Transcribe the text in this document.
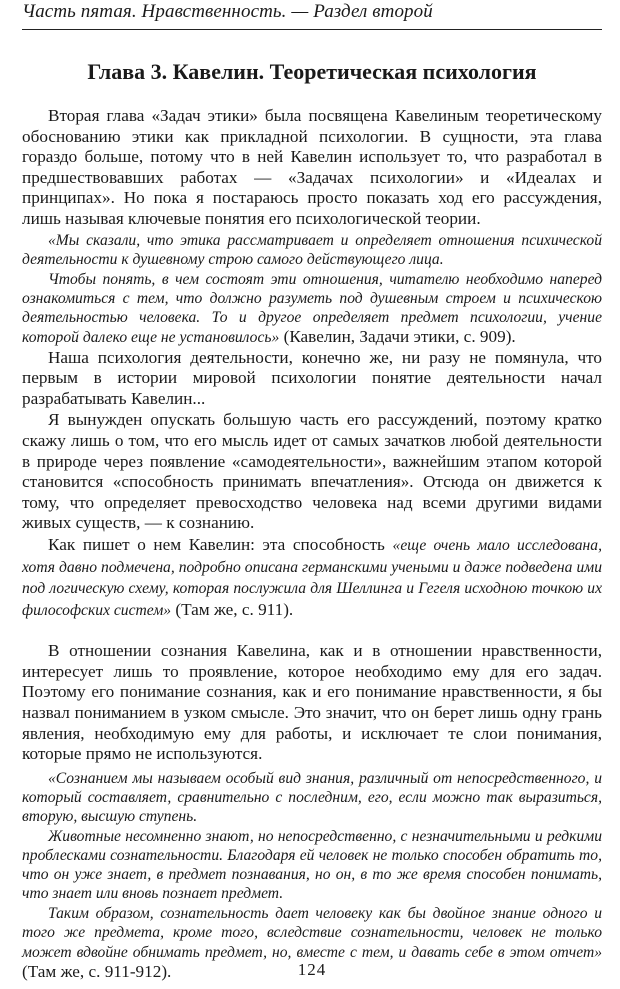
Часть пятая. Нравственность. — Раздел второй
Глава 3. Кавелин. Теоретическая психология

Вторая глава «Задач этики» была посвящена Кавелиным теоретическому обоснованию этики как прикладной психологии. В сущности, эта глава гораздо больше, потому что в ней Кавелин использует то, что разработал в предшествовавших работах — «Задачах психологии» и «Идеалах и принципах». Но пока я постараюсь просто показать ход его рассуждения, лишь называя ключевые понятия его психологической теории.

«Мы сказали, что этика рассматривает и определяет отношения психической деятельности к душевному строю самого действующего лица.

Чтобы понять, в чем состоят эти отношения, читателю необходимо наперед ознакомиться с тем, что должно разуметь под душевным строем и психическою деятельностью человека. То и другое определяет предмет психологии, учение которой далеко еще не установилось» (Кавелин, Задачи этики, с. 909).

Наша психология деятельности, конечно же, ни разу не помянула, что первым в истории мировой психологии понятие деятельности начал разрабатывать Кавелин...

Я вынужден опускать большую часть его рассуждений, поэтому кратко скажу лишь о том, что его мысль идет от самых зачатков любой деятельности в природе через появление «самодеятельности», важнейшим этапом которой становится «способность принимать впечатления». Отсюда он движется к тому, что определяет превосходство человека над всеми другими видами живых существ, — к сознанию.

Как пишет о нем Кавелин: эта способность «еще очень мало исследована, хотя давно подмечена, подробно описана германскими учеными и даже подведена ими под логическую схему, которая послужила для Шеллинга и Гегеля исходною точкою их философских систем» (Там же, с. 911).

В отношении сознания Кавелина, как и в отношении нравственности, интересует лишь то проявление, которое необходимо ему для его задач. Поэтому его понимание сознания, как и его понимание нравственности, я бы назвал пониманием в узком смысле. Это значит, что он берет лишь одну грань явления, необходимую ему для работы, и исключает те слои понимания, которые прямо не используются.

«Сознанием мы называем особый вид знания, различный от непосредственного, и который составляет, сравнительно с последним, его, если можно так выразиться, вторую, высшую ступень.

Животные несомненно знают, но непосредственно, с незначительными и редкими проблесками сознательности. Благодаря ей человек не только способен обратить то, что он уже знает, в предмет познавания, но он, в то же время способен понимать, что знает или вновь познает предмет.

Таким образом, сознательность дает человеку как бы двойное знание одного и того же предмета, кроме того, вследствие сознательности, человек не только может вдвойне обнимать предмет, но, вместе с тем, и давать себе в этом отчет» (Там же, с. 911-912).	124
